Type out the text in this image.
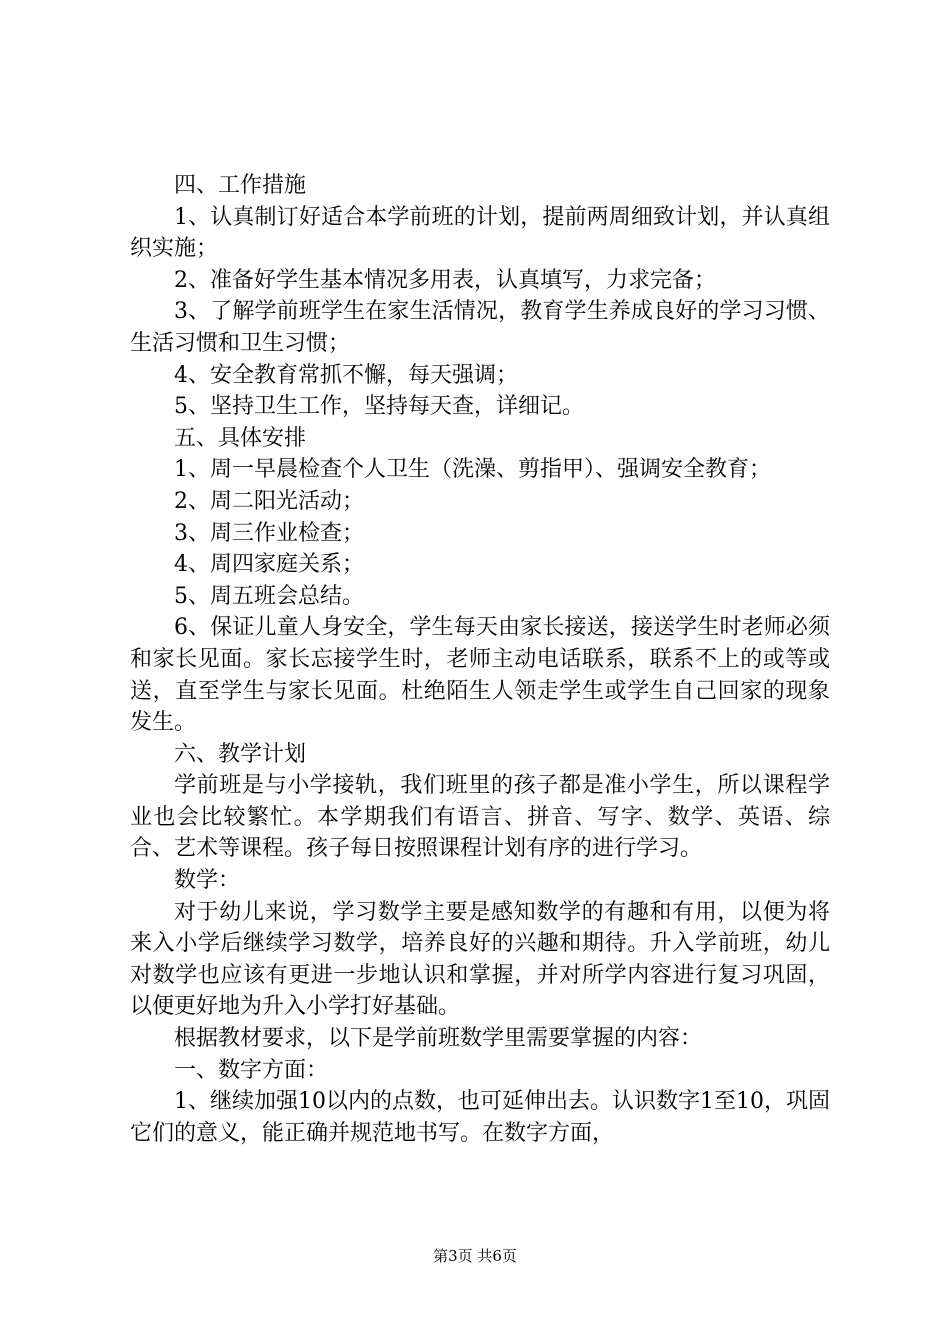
四、工作措施

1、认真制订好适合本学前班的计划，提前两周细致计划，并认真组织实施；

2、准备好学生基本情况多用表，认真填写，力求完备；

3、了解学前班学生在家生活情况，教育学生养成良好的学习习惯、生活习惯和卫生习惯；

4、安全教育常抓不懈，每天强调；

5、坚持卫生工作，坚持每天查，详细记。

五、具体安排

1、周一早晨检查个人卫生（洗澡、剪指甲）、强调安全教育；

2、周二阳光活动；

3、周三作业检查；

4、周四家庭关系；

5、周五班会总结。

6、保证儿童人身安全，学生每天由家长接送，接送学生时老师必须和家长见面。家长忘接学生时，老师主动电话联系，联系不上的或等或送，直至学生与家长见面。杜绝陌生人领走学生或学生自己回家的现象发生。

六、教学计划

学前班是与小学接轨，我们班里的孩子都是准小学生，所以课程学业也会比较繁忙。本学期我们有语言、拼音、写字、数学、英语、综合、艺术等课程。孩子每日按照课程计划有序的进行学习。

数学：

对于幼儿来说，学习数学主要是感知数学的有趣和有用，以便为将来入小学后继续学习数学，培养良好的兴趣和期待。升入学前班，幼儿对数学也应该有更进一步地认识和掌握，并对所学内容进行复习巩固，以便更好地为升入小学打好基础。

根据教材要求，以下是学前班数学里需要掌握的内容：

一、数字方面：

1、继续加强10以内的点数，也可延伸出去。认识数字1至10，巩固它们的意义，能正确并规范地书写。在数字方面，

第3页 共6页
